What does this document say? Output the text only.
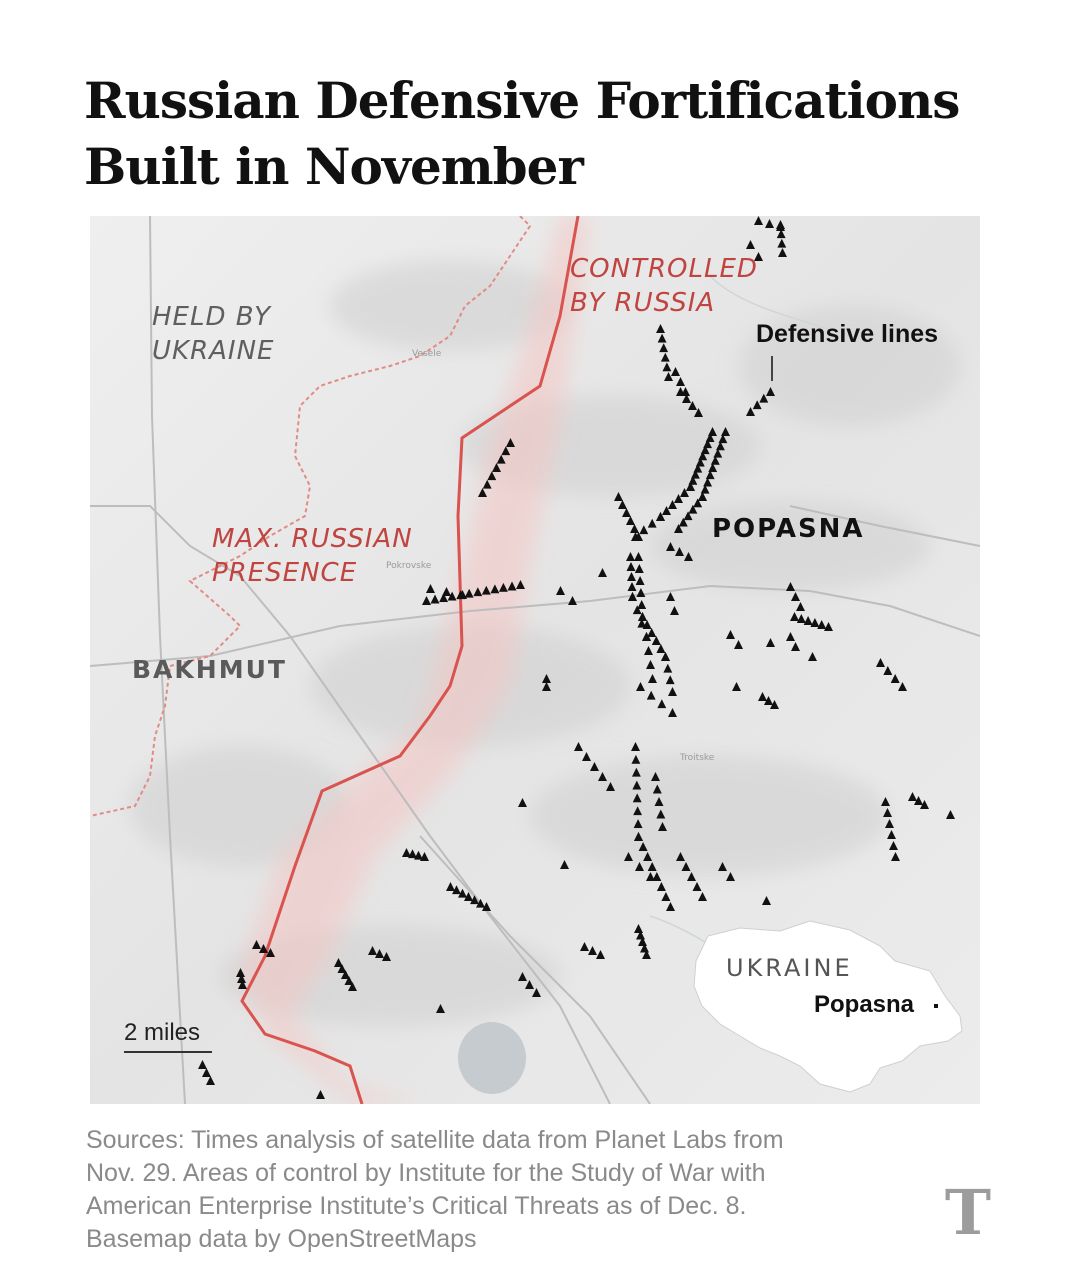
Russian Defensive Fortifications
Built in November
HELD BY
UKRAINE
CONTROLLED
BY RUSSIA
MAX. RUSSIAN
PRESENCE
Defensive lines
POPASNA
BAKHMUT
Vesele
Pokrovske
Troitske
2 miles
UKRAINE
Popasna
Sources: Times analysis of satellite data from Planet Labs from
Nov. 29. Areas of control by Institute for the Study of War with
American Enterprise Institute’s Critical Threats as of Dec. 8.
Basemap data by OpenStreetMaps	T
